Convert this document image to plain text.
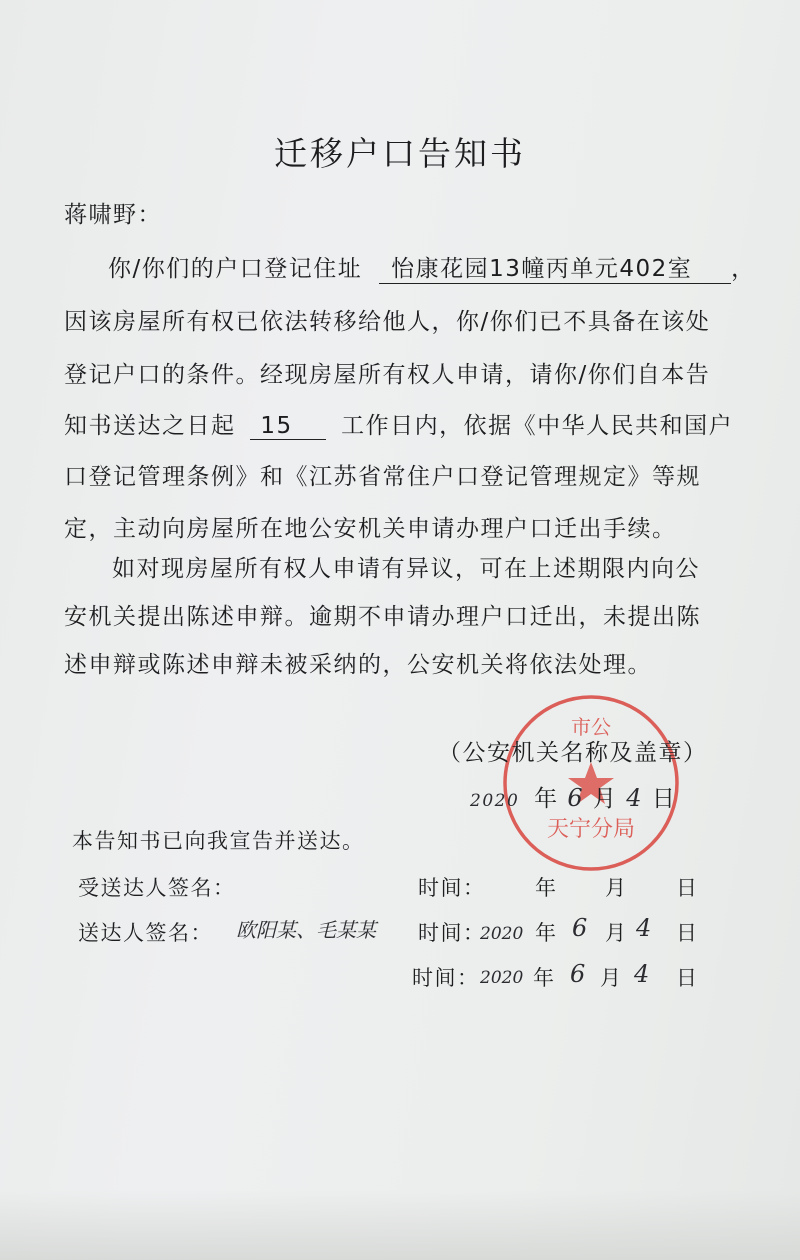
迁移户口告知书
蒋啸野：
你/你们的户口登记住址 怡康花园13幢丙单元402室 ，
因该房屋所有权已依法转移给他人，你/你们已不具备在该处
登记户口的条件。经现房屋所有权人申请，请你/你们自本告
知书送达之日起 15 工作日内，依据《中华人民共和国户
口登记管理条例》和《江苏省常住户口登记管理规定》等规
定，主动向房屋所在地公安机关申请办理户口迁出手续。
如对现房屋所有权人申请有异议，可在上述期限内向公
安机关提出陈述申辩。逾期不申请办理户口迁出，未提出陈
述申辩或陈述申辩未被采纳的，公安机关将依法处理。
市公
天宁分局
（公安机关名称及盖章）
2020 年 6 月 4 日
本告知书已向我宣告并送达。
受送达人签名：	时间： 年 月 日
送达人签名： 欧阳某、毛某某 时间：
2020 年 6 月 4 日
时间： 2020 年 6 月 4 日
